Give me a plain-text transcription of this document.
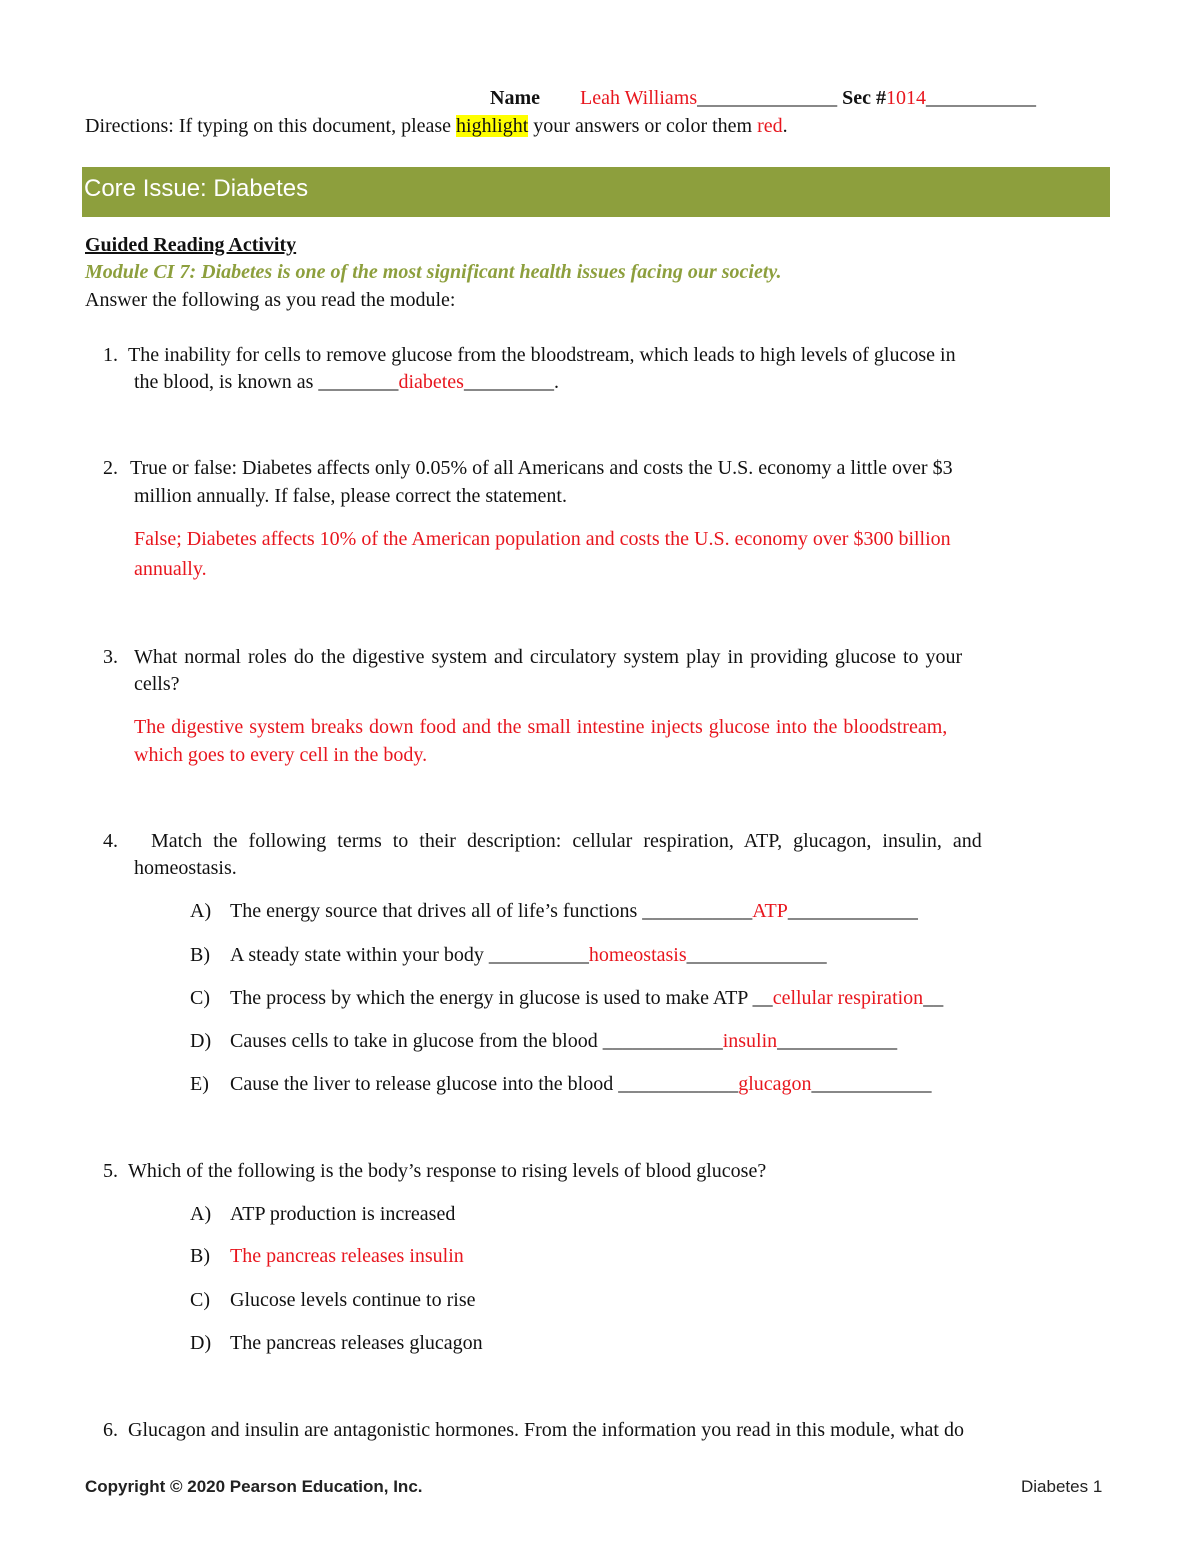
Name Leah Williams______________ Sec #1014___________
Directions: If typing on this document, please highlight your answers or color them red.
Core Issue: Diabetes
Guided Reading Activity
Module CI 7: Diabetes is one of the most significant health issues facing our society.
Answer the following as you read the module:
1. The inability for cells to remove glucose from the bloodstream, which leads to high levels of glucose in
the blood, is known as ________diabetes_________.
2. True or false: Diabetes affects only 0.05% of all Americans and costs the U.S. economy a little over $3
million annually. If false, please correct the statement.
False; Diabetes affects 10% of the American population and costs the U.S. economy over $300 billion
annually.
3. What normal roles do the digestive system and circulatory system play in providing glucose to your
cells?
The digestive system breaks down food and the small intestine injects glucose into the bloodstream,
which goes to every cell in the body.
4. Match the following terms to their description: cellular respiration, ATP, glucagon, insulin, and
homeostasis.
A) The energy source that drives all of life’s functions ___________ATP_____________
B) A steady state within your body __________homeostasis______________
C) The process by which the energy in glucose is used to make ATP __cellular respiration__
D) Causes cells to take in glucose from the blood ____________insulin____________
E) Cause the liver to release glucose into the blood ____________glucagon____________
5. Which of the following is the body’s response to rising levels of blood glucose?
A) ATP production is increased
B) The pancreas releases insulin
C) Glucose levels continue to rise
D) The pancreas releases glucagon
6. Glucagon and insulin are antagonistic hormones. From the information you read in this module, what do
Copyright © 2020 Pearson Education, Inc.	Diabetes 1
